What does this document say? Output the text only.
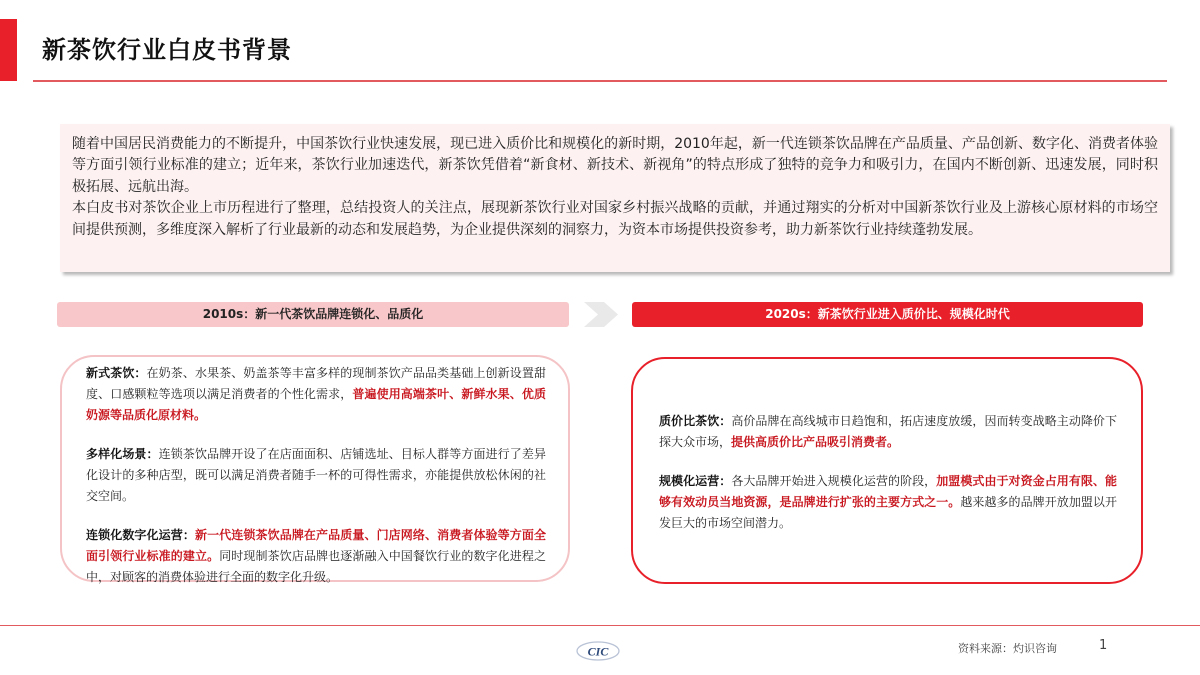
新茶饮行业白皮书背景

随着中国居民消费能力的不断提升，中国茶饮行业快速发展，现已进入质价比和规模化的新时期，2010年起，新一代连锁茶饮品牌在产品质量、产品创新、数字化、消费者体验等方面引领行业标准的建立；近年来，茶饮行业加速迭代，新茶饮凭借着“新食材、新技术、新视角”的特点形成了独特的竞争力和吸引力，在国内不断创新、迅速发展，同时积极拓展、远航出海。

本白皮书对茶饮企业上市历程进行了整理，总结投资人的关注点，展现新茶饮行业对国家乡村振兴战略的贡献，并通过翔实的分析对中国新茶饮行业及上游核心原材料的市场空间提供预测，多维度深入解析了行业最新的动态和发展趋势，为企业提供深刻的洞察力，为资本市场提供投资参考，助力新茶饮行业持续蓬勃发展。

2010s：新一代茶饮品牌连锁化、品质化	2020s：新茶饮行业进入质价比、规模化时代

新式茶饮：在奶茶、水果茶、奶盖茶等丰富多样的现制茶饮产品品类基础上创新设置甜度、口感颗粒等选项以满足消费者的个性化需求，普遍使用高端茶叶、新鲜水果、优质奶源等品质化原材料。

多样化场景：连锁茶饮品牌开设了在店面面积、店铺选址、目标人群等方面进行了差异化设计的多种店型，既可以满足消费者随手一杯的可得性需求，亦能提供放松休闲的社交空间。

连锁化数字化运营：新一代连锁茶饮品牌在产品质量、门店网络、消费者体验等方面全面引领行业标准的建立。同时现制茶饮店品牌也逐渐融入中国餐饮行业的数字化进程之中，对顾客的消费体验进行全面的数字化升级。

质价比茶饮：高价品牌在高线城市日趋饱和，拓店速度放缓，因而转变战略主动降价下探大众市场，提供高质价比产品吸引消费者。

规模化运营：各大品牌开始进入规模化运营的阶段，加盟模式由于对资金占用有限、能够有效动员当地资源，是品牌进行扩张的主要方式之一。越来越多的品牌开放加盟以开发巨大的市场空间潜力。

CIC	资料来源：灼识咨询	1
